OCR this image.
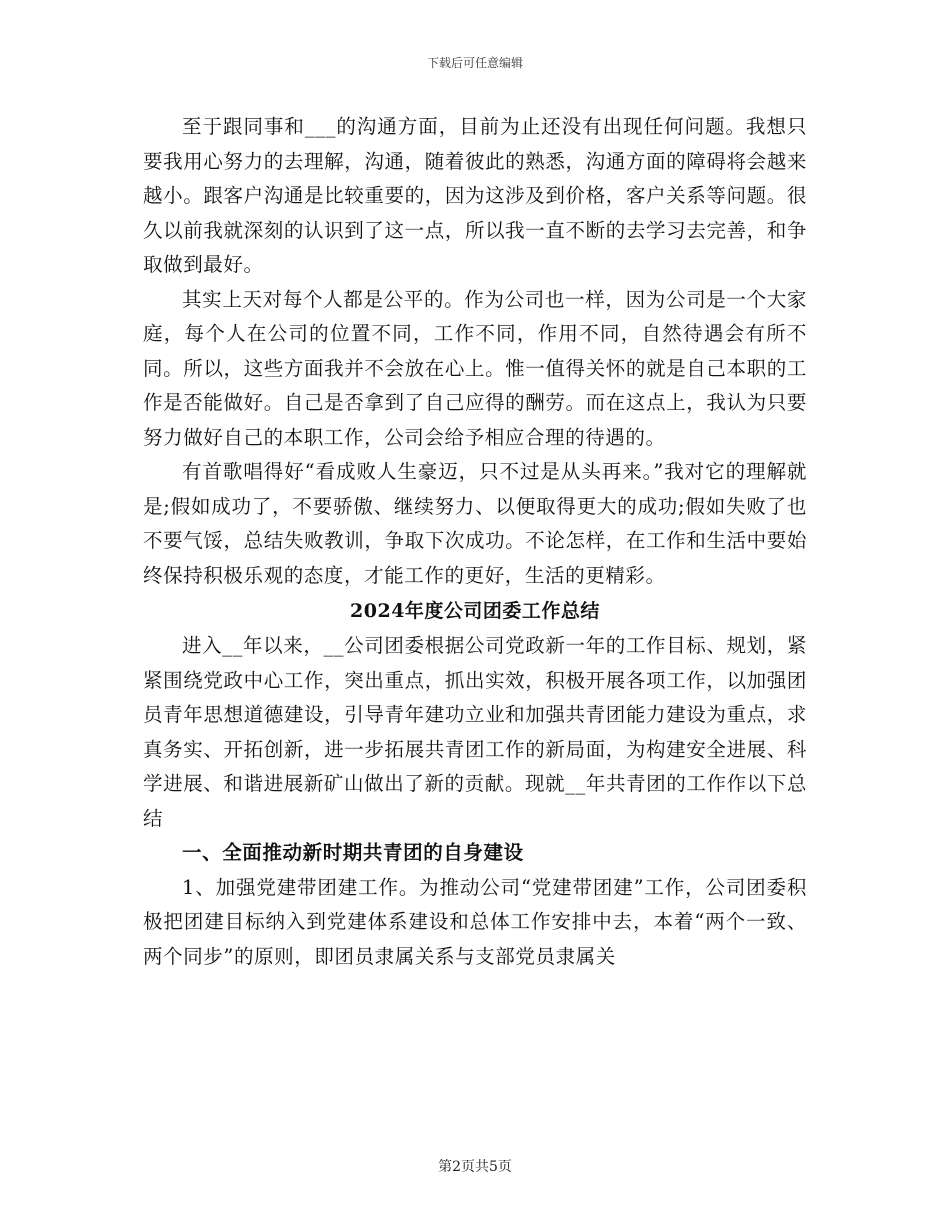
下载后可任意编辑

至于跟同事和___的沟通方面，目前为止还没有出现任何问题。我想只要我用心努力的去理解，沟通，随着彼此的熟悉，沟通方面的障碍将会越来越小。跟客户沟通是比较重要的，因为这涉及到价格，客户关系等问题。很久以前我就深刻的认识到了这一点，所以我一直不断的去学习去完善，和争取做到最好。

其实上天对每个人都是公平的。作为公司也一样，因为公司是一个大家庭，每个人在公司的位置不同，工作不同，作用不同，自然待遇会有所不同。所以，这些方面我并不会放在心上。惟一值得关怀的就是自己本职的工作是否能做好。自己是否拿到了自己应得的酬劳。而在这点上，我认为只要努力做好自己的本职工作，公司会给予相应合理的待遇的。

有首歌唱得好“看成败人生豪迈，只不过是从头再来。”我对它的理解就是;假如成功了，不要骄傲、继续努力、以便取得更大的成功;假如失败了也不要气馁，总结失败教训，争取下次成功。不论怎样，在工作和生活中要始终保持积极乐观的态度，才能工作的更好，生活的更精彩。

2024年度公司团委工作总结

进入__年以来，__公司团委根据公司党政新一年的工作目标、规划，紧紧围绕党政中心工作，突出重点，抓出实效，积极开展各项工作，以加强团员青年思想道德建设，引导青年建功立业和加强共青团能力建设为重点，求真务实、开拓创新，进一步拓展共青团工作的新局面，为构建安全进展、科学进展、和谐进展新矿山做出了新的贡献。现就__年共青团的工作作以下总结

一、全面推动新时期共青团的自身建设

1、加强党建带团建工作。为推动公司“党建带团建”工作，公司团委积极把团建目标纳入到党建体系建设和总体工作安排中去，本着“两个一致、两个同步”的原则，即团员隶属关系与支部党员隶属关

第2页共5页
